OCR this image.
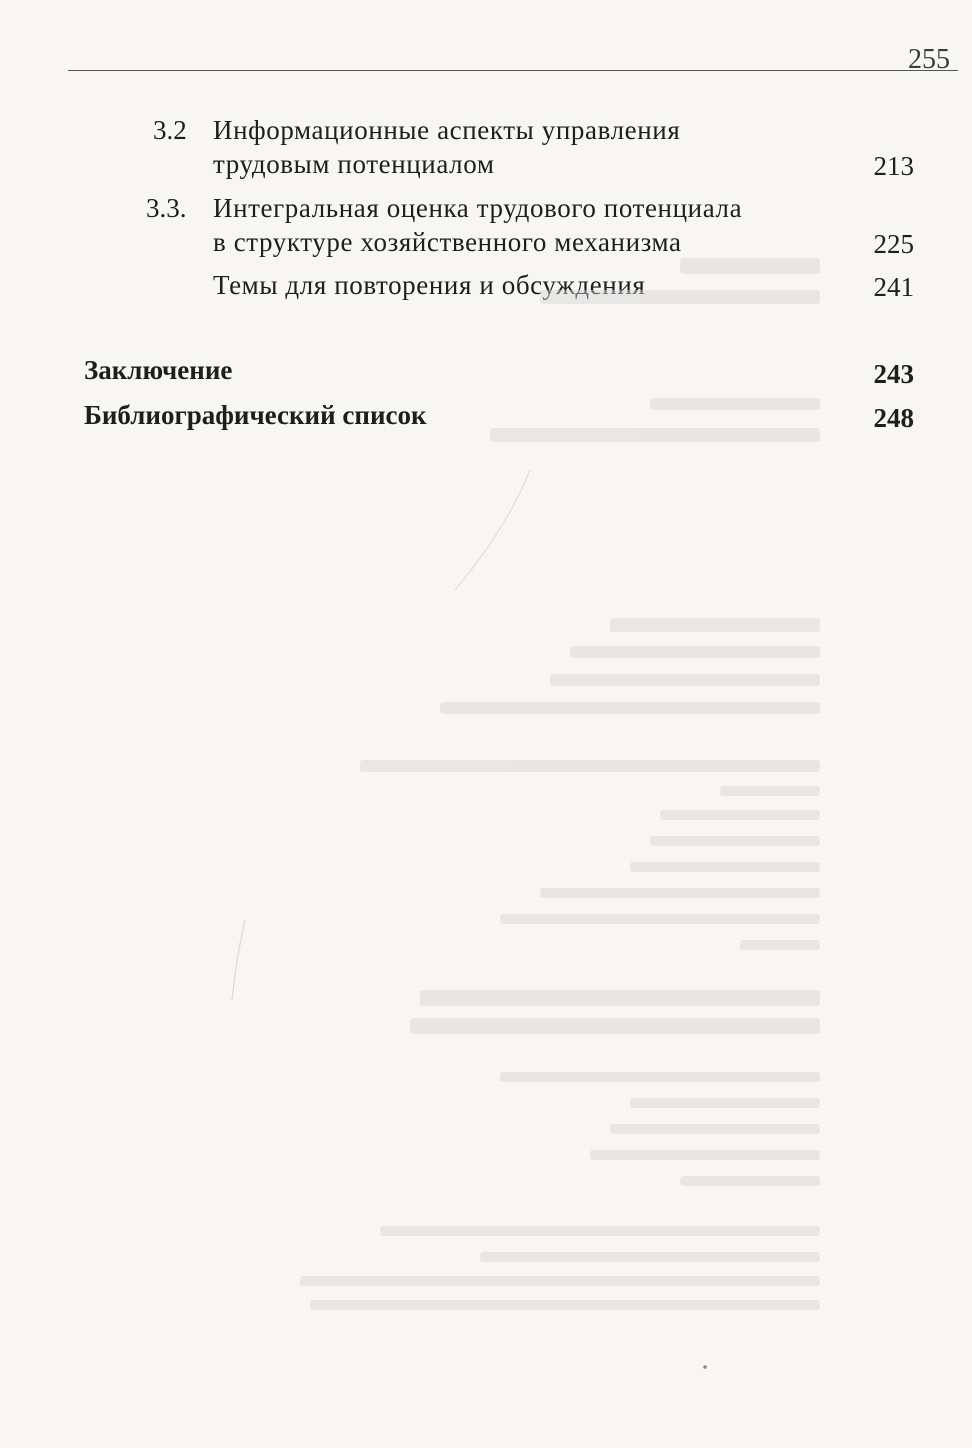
255
3.2 Информационные аспекты управления
трудовым потенциалом	213
3.3. Интегральная оценка трудового потенциала
в структуре хозяйственного механизма	225
Темы для повторения и обсуждения	241
Заключение	243
Библиографический список	248
